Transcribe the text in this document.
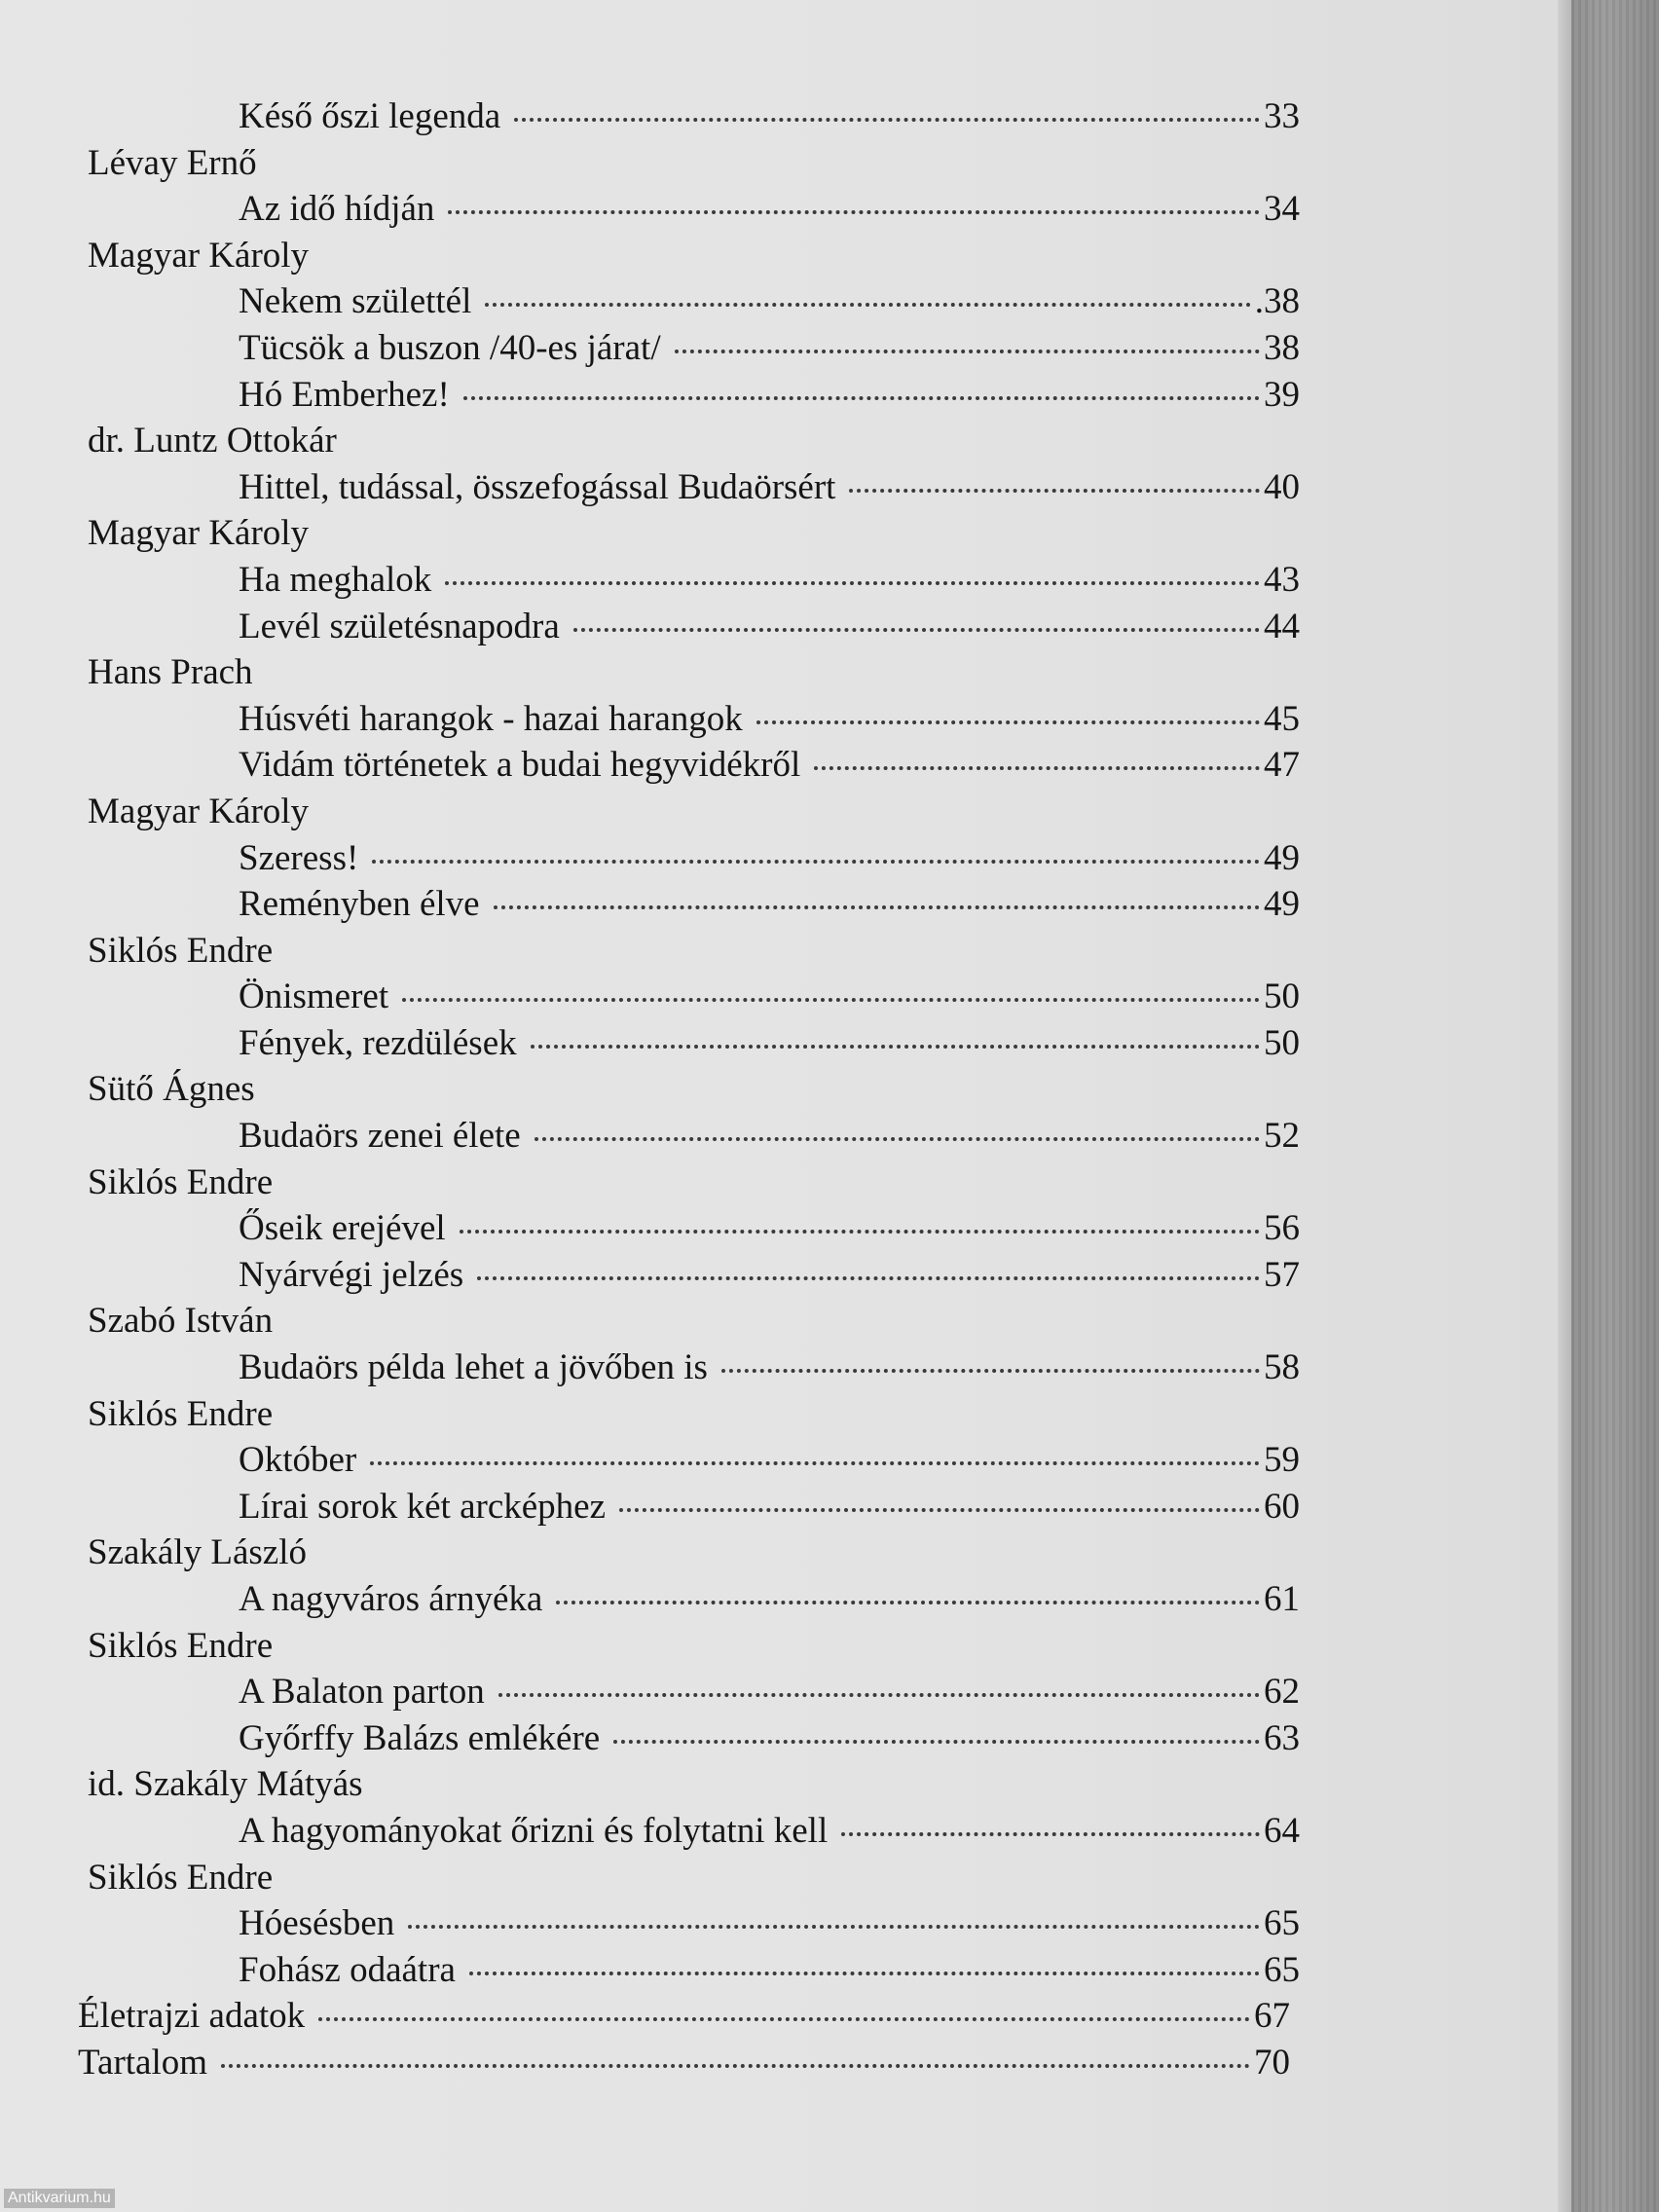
Késő őszi legenda	33
Lévay Ernő
Az idő hídján	34
Magyar Károly
Nekem születtél	.38
Tücsök a buszon /40-es járat/	38
Hó Emberhez!	39
dr. Luntz Ottokár
Hittel, tudással, összefogással Budaörsért	40
Magyar Károly
Ha meghalok	43
Levél születésnapodra	44
Hans Prach
Húsvéti harangok - hazai harangok	45
Vidám történetek a budai hegyvidékről	47
Magyar Károly
Szeress!	49
Reményben élve	49
Siklós Endre
Önismeret	50
Fények, rezdülések	50
Sütő Ágnes
Budaörs zenei élete	52
Siklós Endre
Őseik erejével	56
Nyárvégi jelzés	57
Szabó István
Budaörs példa lehet a jövőben is	58
Siklós Endre
Október	59
Lírai sorok két arcképhez	60
Szakály László
A nagyváros árnyéka	61
Siklós Endre
A Balaton parton	62
Győrffy Balázs emlékére	63
id. Szakály Mátyás
A hagyományokat őrizni és folytatni kell	64
Siklós Endre
Hóesésben	65
Fohász odaátra	65
Életrajzi adatok	67
Tartalom	70
Antikvarium.hu
